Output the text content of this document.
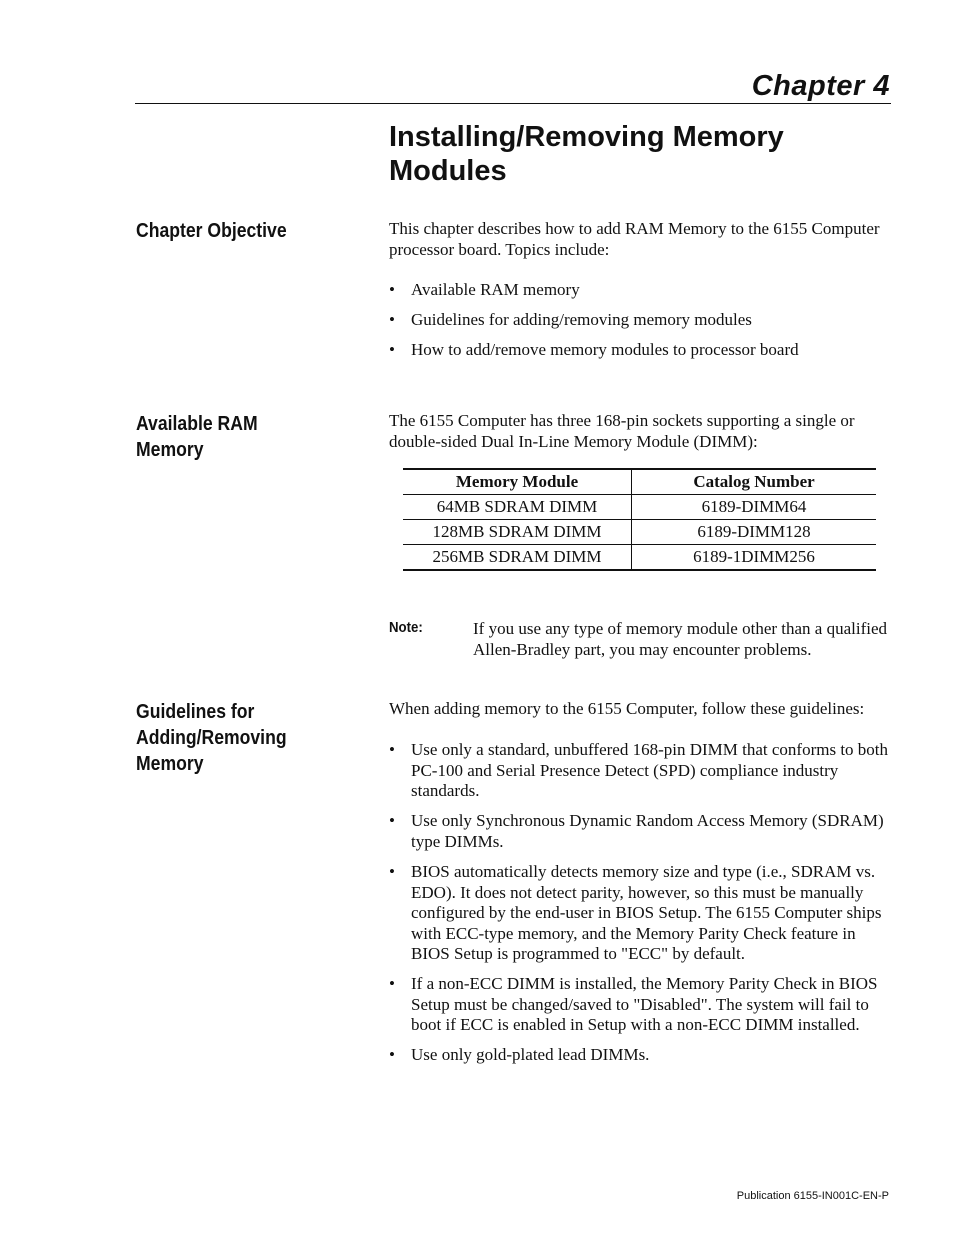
Chapter 4
Installing/Removing Memory
Modules
Chapter Objective	This chapter describes how to add RAM Memory to the 6155 Computer processor board. Topics include:
• Available RAM memory
• Guidelines for adding/removing memory modules
• How to add/remove memory modules to processor board
Available RAM Memory
The 6155 Computer has three 168-pin sockets supporting a single or double-sided Dual In-Line Memory Module (DIMM):
Memory Module	Catalog Number
64MB SDRAM DIMM	6189-DIMM64
128MB SDRAM DIMM	6189-DIMM128
256MB SDRAM DIMM	6189-1DIMM256
Note:	If you use any type of memory module other than a qualified Allen-Bradley part, you may encounter problems.
Guidelines for
Adding/Removing
Memory
When adding memory to the 6155 Computer, follow these guidelines:
• Use only a standard, unbuffered 168-pin DIMM that conforms to both PC-100 and Serial Presence Detect (SPD) compliance industry standards.
• Use only Synchronous Dynamic Random Access Memory (SDRAM) type DIMMs.
• BIOS automatically detects memory size and type (i.e., SDRAM vs. EDO). It does not detect parity, however, so this must be manually configured by the end-user in BIOS Setup. The 6155 Computer ships with ECC-type memory, and the Memory Parity Check feature in BIOS Setup is programmed to "ECC" by default.
• If a non-ECC DIMM is installed, the Memory Parity Check in BIOS Setup must be changed/saved to "Disabled". The system will fail to boot if ECC is enabled in Setup with a non-ECC DIMM installed.
• Use only gold-plated lead DIMMs.
Publication 6155-IN001C-EN-P
